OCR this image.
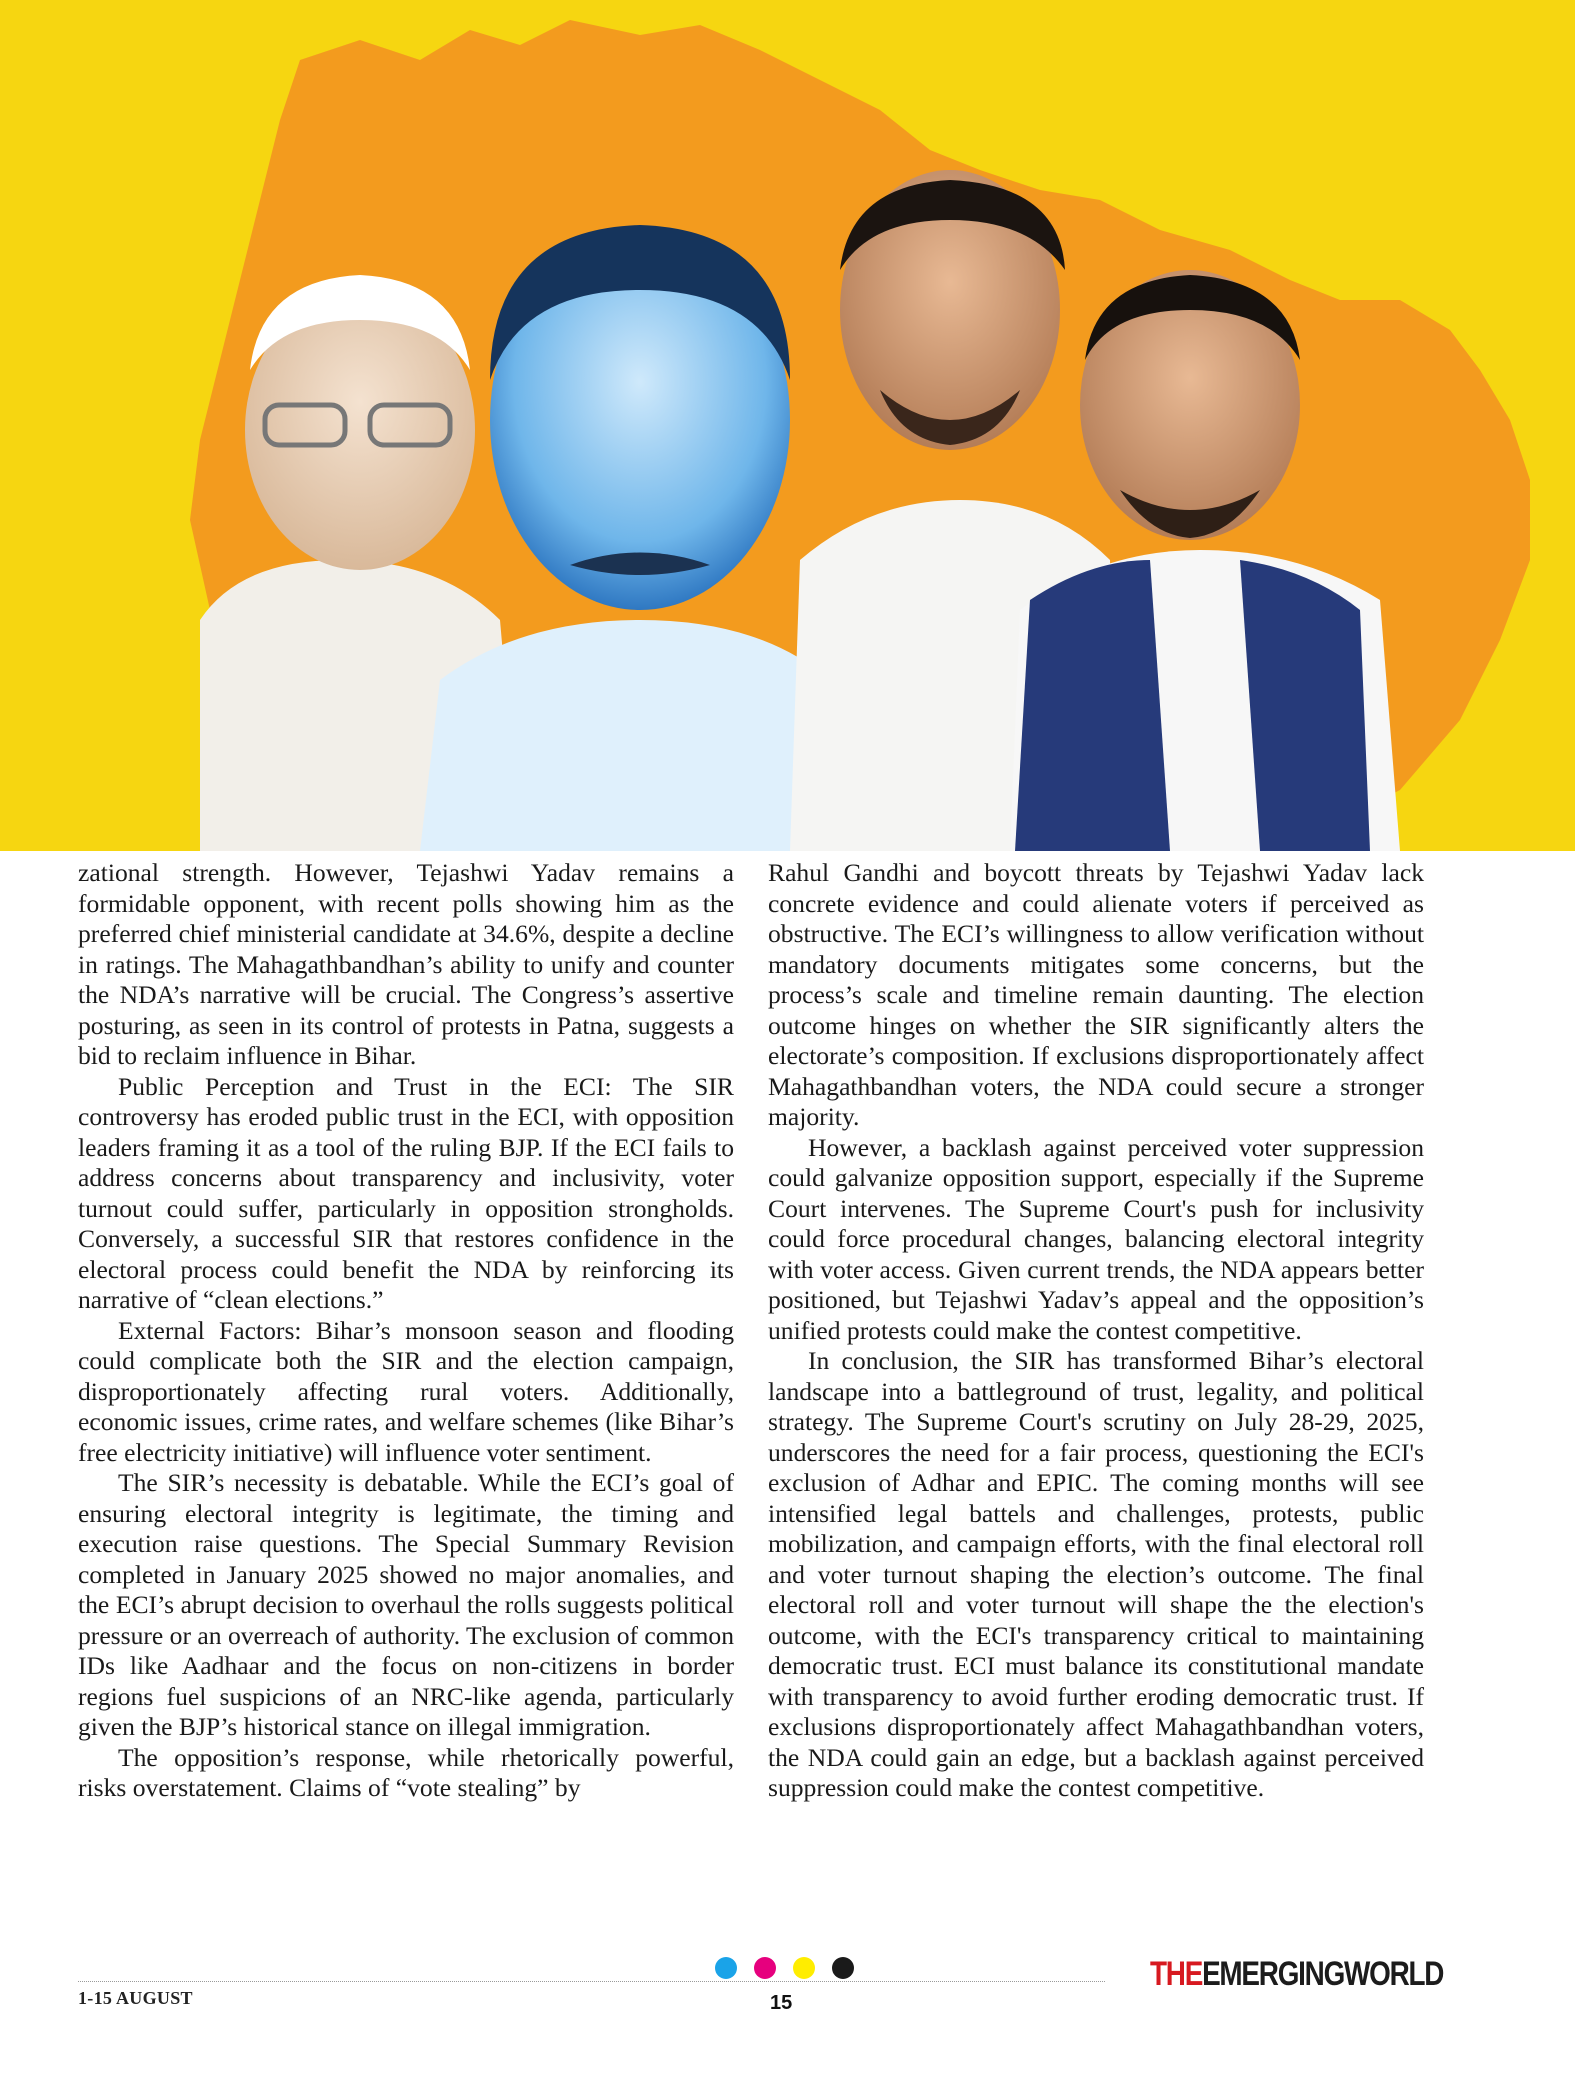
zational strength. However, Tejashwi Yadav remains a formidable opponent, with recent polls showing him as the preferred chief ministerial candidate at 34.6%, despite a decline in ratings. The Mahagathbandhan’s ability to unify and counter the NDA’s narrative will be crucial. The Congress’s assertive posturing, as seen in its control of protests in Patna, suggests a bid to reclaim influence in Bihar.

Public Perception and Trust in the ECI: The SIR controversy has eroded public trust in the ECI, with opposition leaders framing it as a tool of the ruling BJP. If the ECI fails to address concerns about transparency and inclusivity, voter turnout could suffer, particularly in opposition strongholds. Conversely, a successful SIR that restores confidence in the electoral process could benefit the NDA by reinforcing its narrative of “clean elections.”

External Factors: Bihar’s monsoon season and flooding could complicate both the SIR and the election campaign, disproportionately affecting rural voters. Additionally, economic issues, crime rates, and welfare schemes (like Bihar’s free electricity initiative) will influence voter sentiment.

The SIR’s necessity is debatable. While the ECI’s goal of ensuring electoral integrity is legitimate, the timing and execution raise questions. The Special Summary Revision completed in January 2025 showed no major anomalies, and the ECI’s abrupt decision to overhaul the rolls suggests political pressure or an overreach of authority. The exclusion of common IDs like Aadhaar and the focus on non-citizens in border regions fuel suspicions of an NRC-like agenda, particularly given the BJP’s historical stance on illegal immigration.

The opposition’s response, while rhetorically powerful, risks overstatement. Claims of “vote stealing” by

Rahul Gandhi and boycott threats by Tejashwi Yadav lack concrete evidence and could alienate voters if perceived as obstructive. The ECI’s willingness to allow verification without mandatory documents mitigates some concerns, but the process’s scale and timeline remain daunting. The election outcome hinges on whether the SIR significantly alters the electorate’s composition. If exclusions disproportionately affect Mahagathbandhan voters, the NDA could secure a stronger majority.

However, a backlash against perceived voter suppression could galvanize opposition support, especially if the Supreme Court intervenes. The Supreme Court's push for inclusivity could force procedural changes, balancing electoral integrity with voter access. Given current trends, the NDA appears better positioned, but Tejashwi Yadav’s appeal and the opposition’s unified protests could make the contest competitive.

In conclusion, the SIR has transformed Bihar’s electoral landscape into a battleground of trust, legality, and political strategy. The Supreme Court's scrutiny on July 28-29, 2025, underscores the need for a fair process, questioning the ECI's exclusion of Adhar and EPIC. The coming months will see intensified legal battels and challenges, protests, public mobilization, and campaign efforts, with the final electoral roll and voter turnout shaping the election’s outcome. The final electoral roll and voter turnout will shape the the election's outcome, with the ECI's transparency critical to maintaining democratic trust. ECI must balance its constitutional mandate with transparency to avoid further eroding democratic trust. If exclusions disproportionately affect Mahagathbandhan voters, the NDA could gain an edge, but a backlash against perceived suppression could make the contest competitive.

1-15 AUGUST	15
THEEMERGINGWORLD
